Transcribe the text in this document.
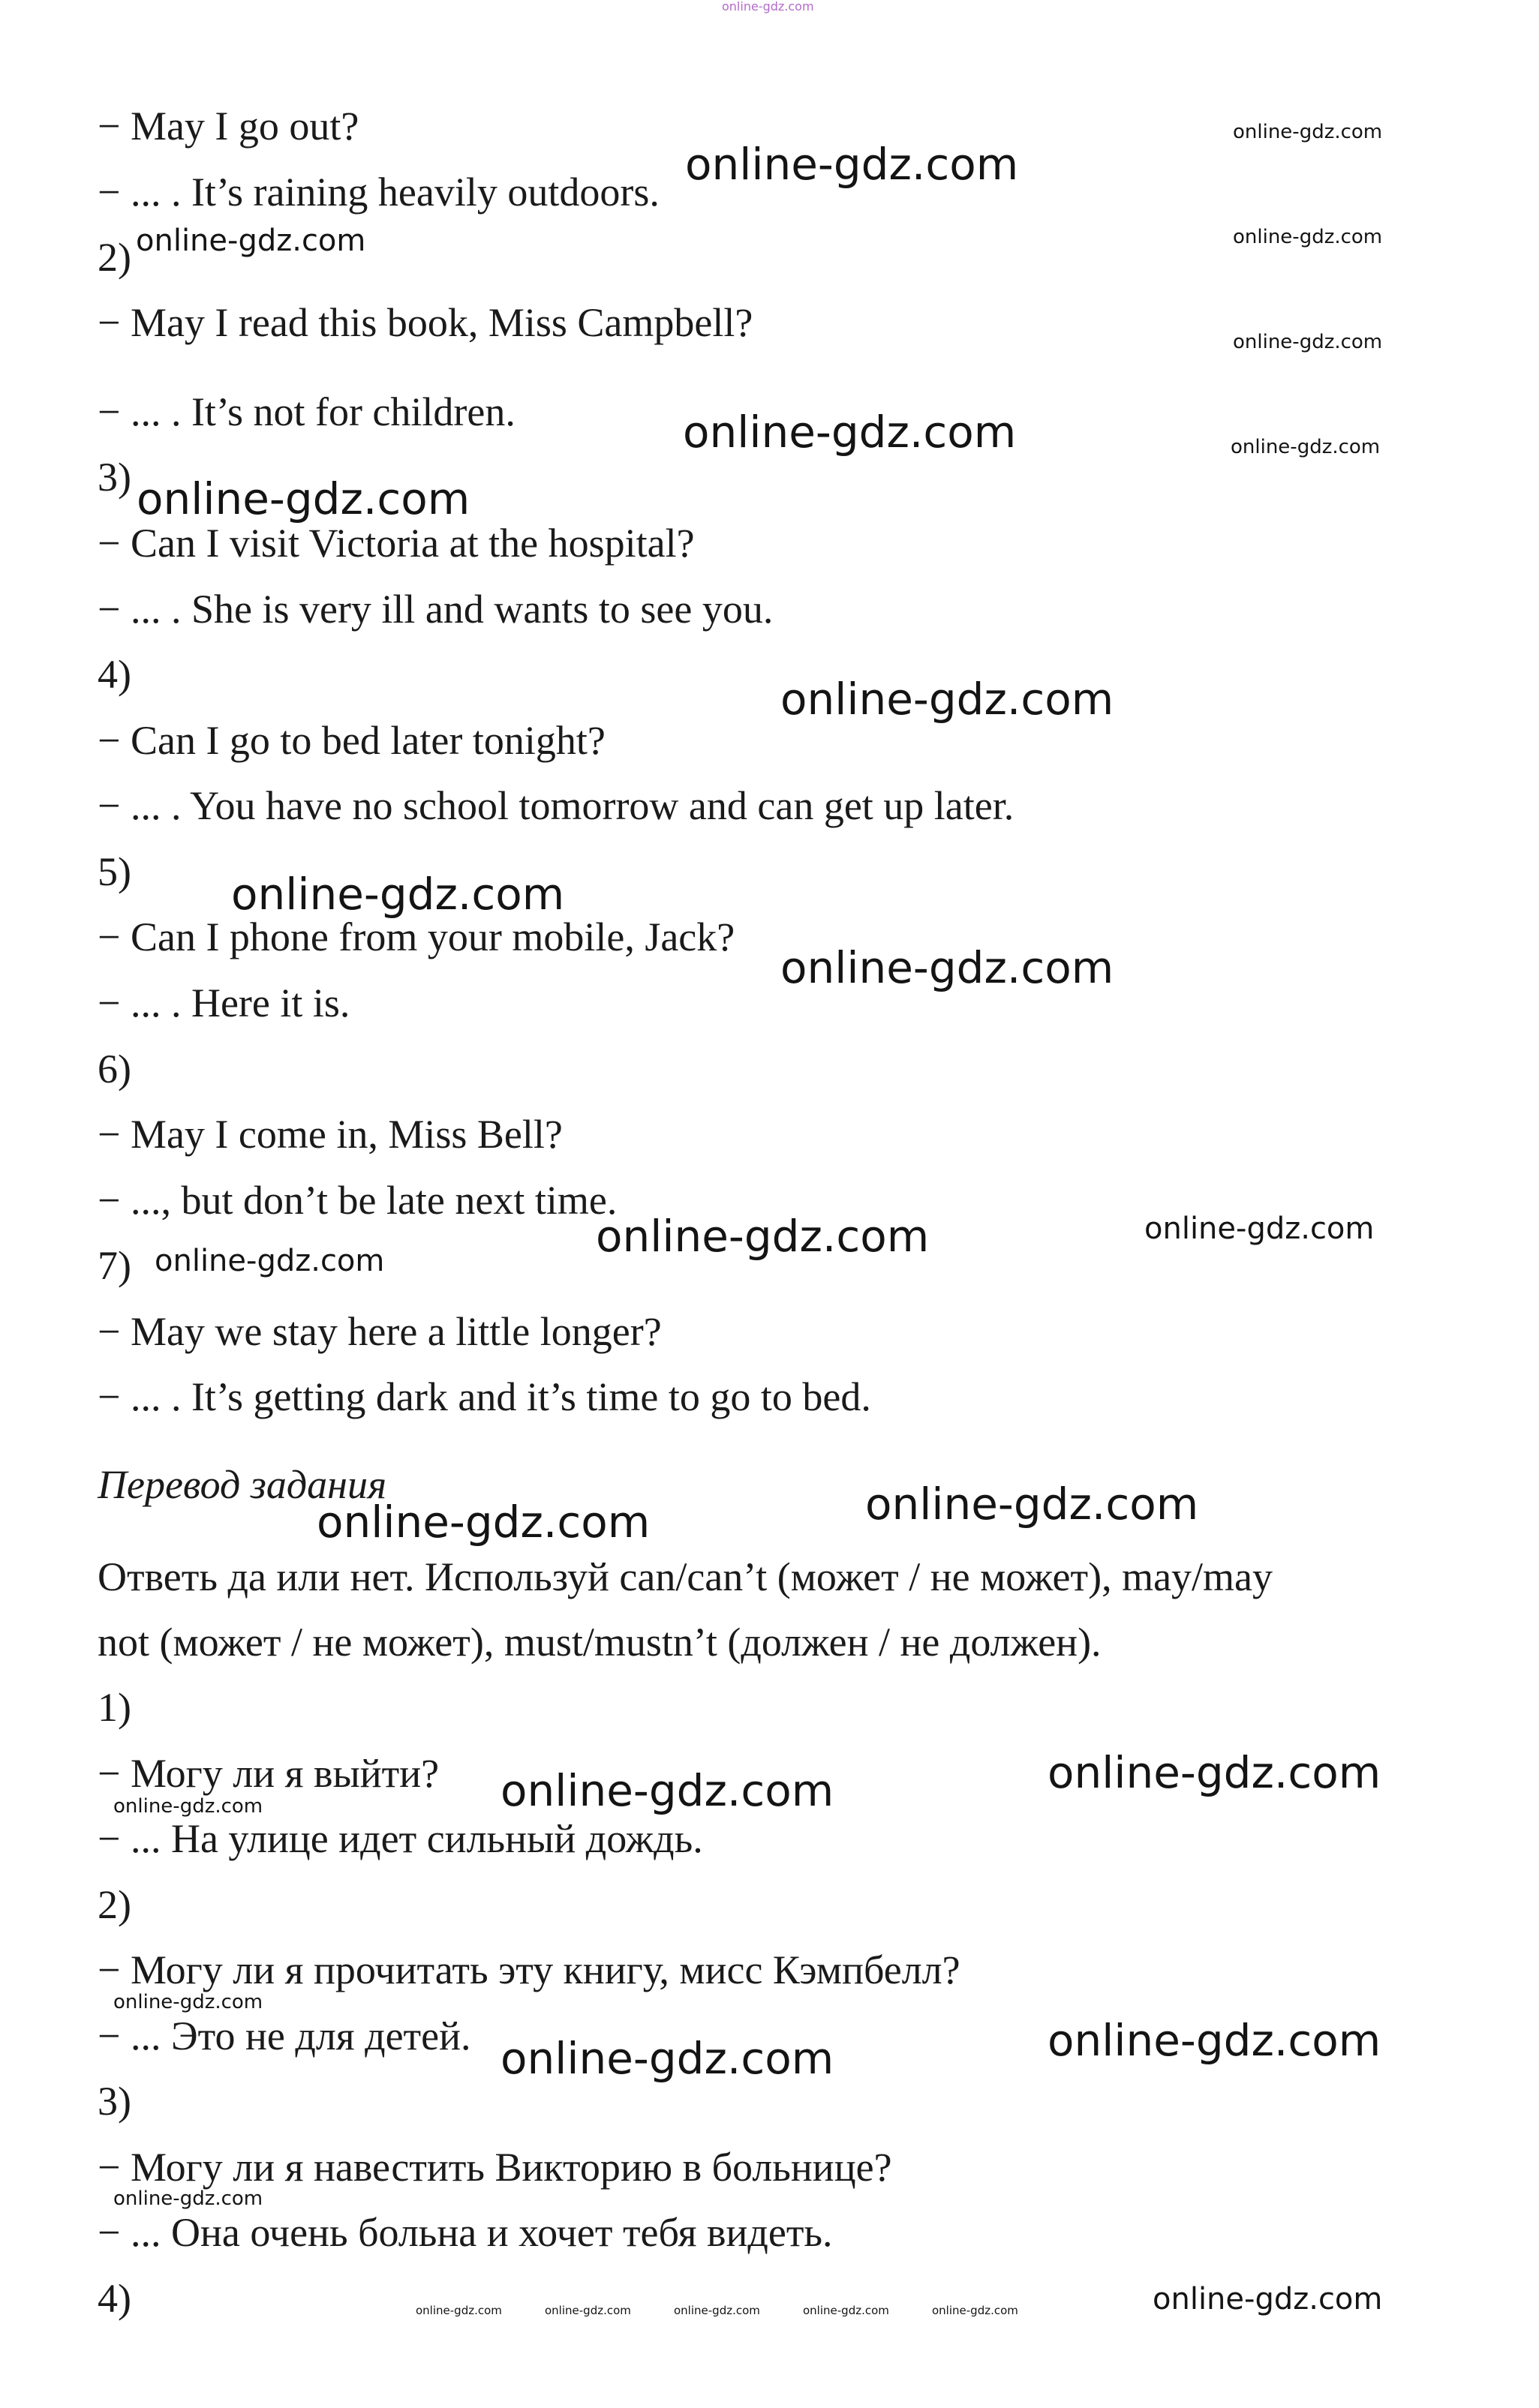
online-gdz.com
− May I go out?
− ... . It’s raining heavily outdoors.
2)
− May I read this book, Miss Campbell?
− ... . It’s not for children.
3)
− Can I visit Victoria at the hospital?
− ... . She is very ill and wants to see you.
4)
− Can I go to bed later tonight?
− ... . You have no school tomorrow and can get up later.
5)
− Can I phone from your mobile, Jack?
− ... . Here it is.
6)
− May I come in, Miss Bell?
− ..., but don’t be late next time.
7)
− May we stay here a little longer?
− ... . It’s getting dark and it’s time to go to bed.
Перевод задания
Ответь да или нет. Используй can/can’t (может / не может), may/may
not (может / не может), must/mustn’t (должен / не должен).
1)
− Могу ли я выйти?
− ... На улице идет сильный дождь.
2)
− Могу ли я прочитать эту книгу, мисс Кэмпбелл?
− ... Это не для детей.
3)
− Могу ли я навестить Викторию в больнице?
− ... Она очень больна и хочет тебя видеть.
4)
online-gdz.com
online-gdz.com
online-gdz.com	online-gdz.com
online-gdz.com
online-gdz.com	online-gdz.com
online-gdz.com
online-gdz.com
online-gdz.com
online-gdz.com
online-gdz.com	online-gdz.com
online-gdz.com
online-gdz.com
online-gdz.com
online-gdz.com
online-gdz.com
online-gdz.com
online-gdz.com
online-gdz.com
online-gdz.com
online-gdz.com
online-gdz.com	online-gdz.com	online-gdz.com	online-gdz.com	online-gdz.com	online-gdz.com
